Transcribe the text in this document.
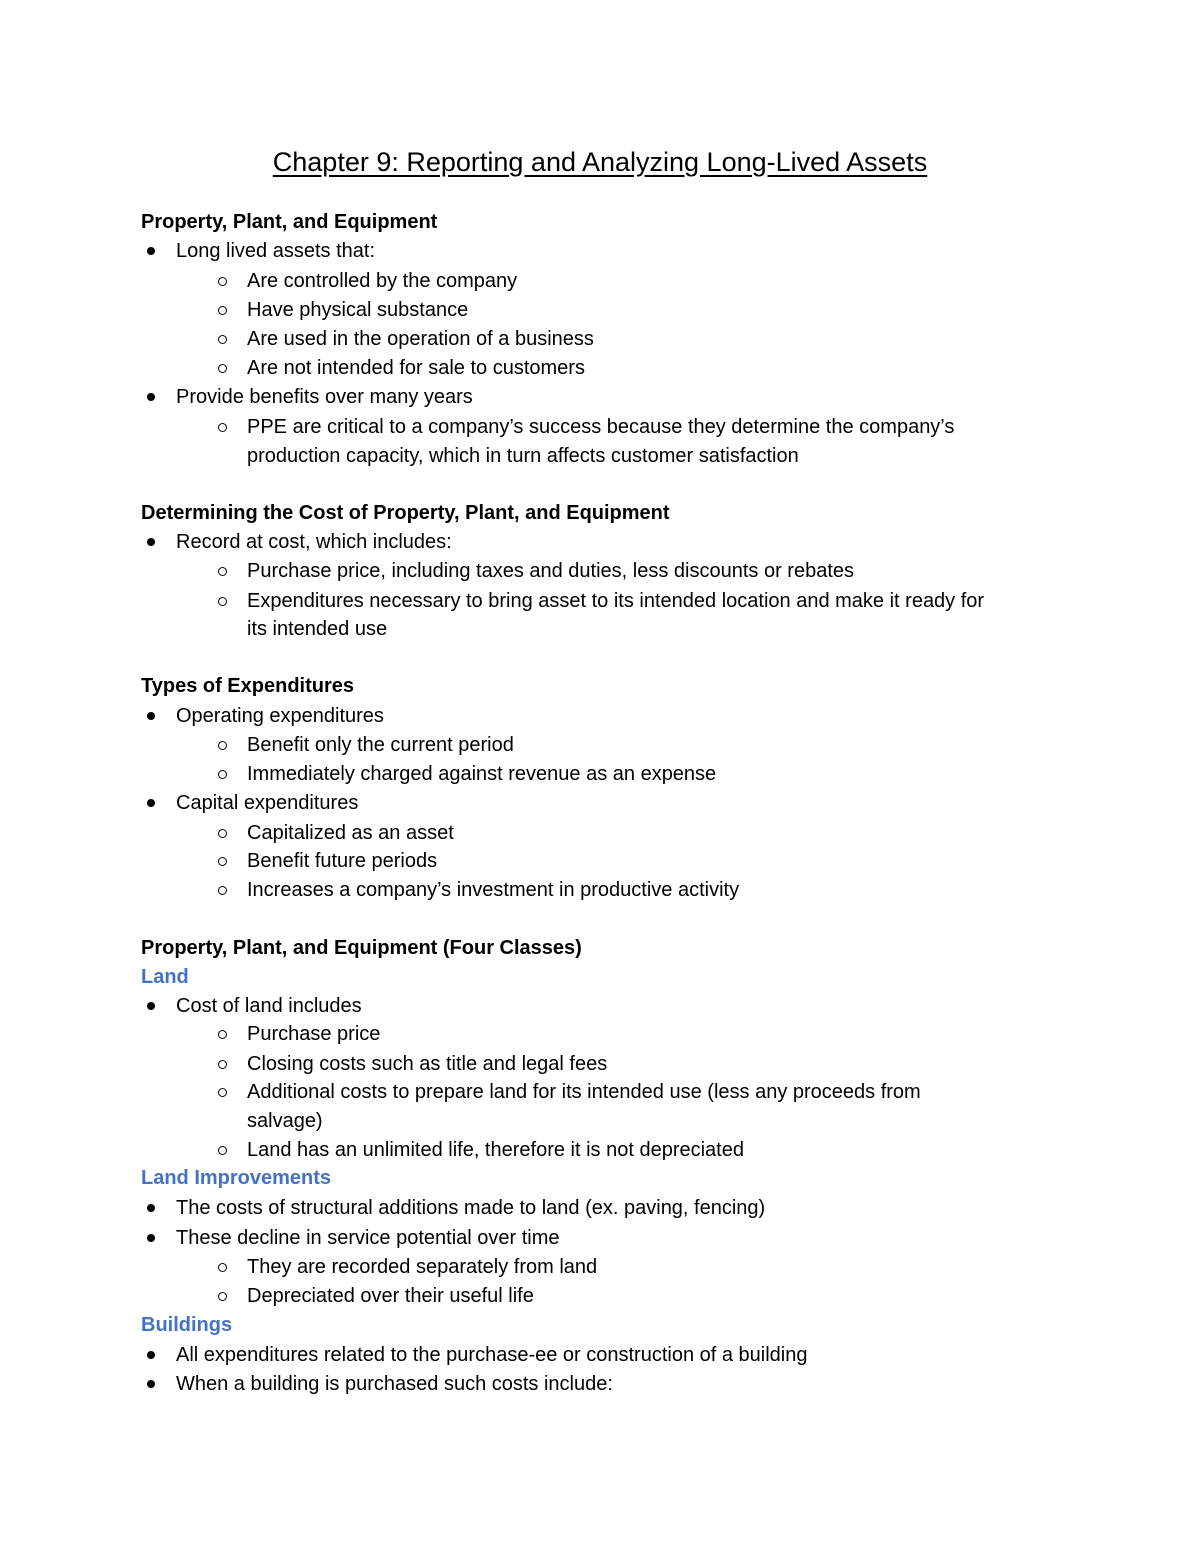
Chapter 9: Reporting and Analyzing Long-Lived Assets
Property, Plant, and Equipment
Long lived assets that:
Are controlled by the company
Have physical substance
Are used in the operation of a business
Are not intended for sale to customers
Provide benefits over many years
PPE are critical to a company’s success because they determine the company’s
production capacity, which in turn affects customer satisfaction
Determining the Cost of Property, Plant, and Equipment
Record at cost, which includes:
Purchase price, including taxes and duties, less discounts or rebates
Expenditures necessary to bring asset to its intended location and make it ready for
its intended use
Types of Expenditures
Operating expenditures
Benefit only the current period
Immediately charged against revenue as an expense
Capital expenditures
Capitalized as an asset
Benefit future periods
Increases a company’s investment in productive activity
Property, Plant, and Equipment (Four Classes)
Land
Cost of land includes
Purchase price
Closing costs such as title and legal fees
Additional costs to prepare land for its intended use (less any proceeds from
salvage)
Land has an unlimited life, therefore it is not depreciated
Land Improvements
The costs of structural additions made to land (ex. paving, fencing)
These decline in service potential over time
They are recorded separately from land
Depreciated over their useful life
Buildings
All expenditures related to the purchase-ee or construction of a building
When a building is purchased such costs include:
